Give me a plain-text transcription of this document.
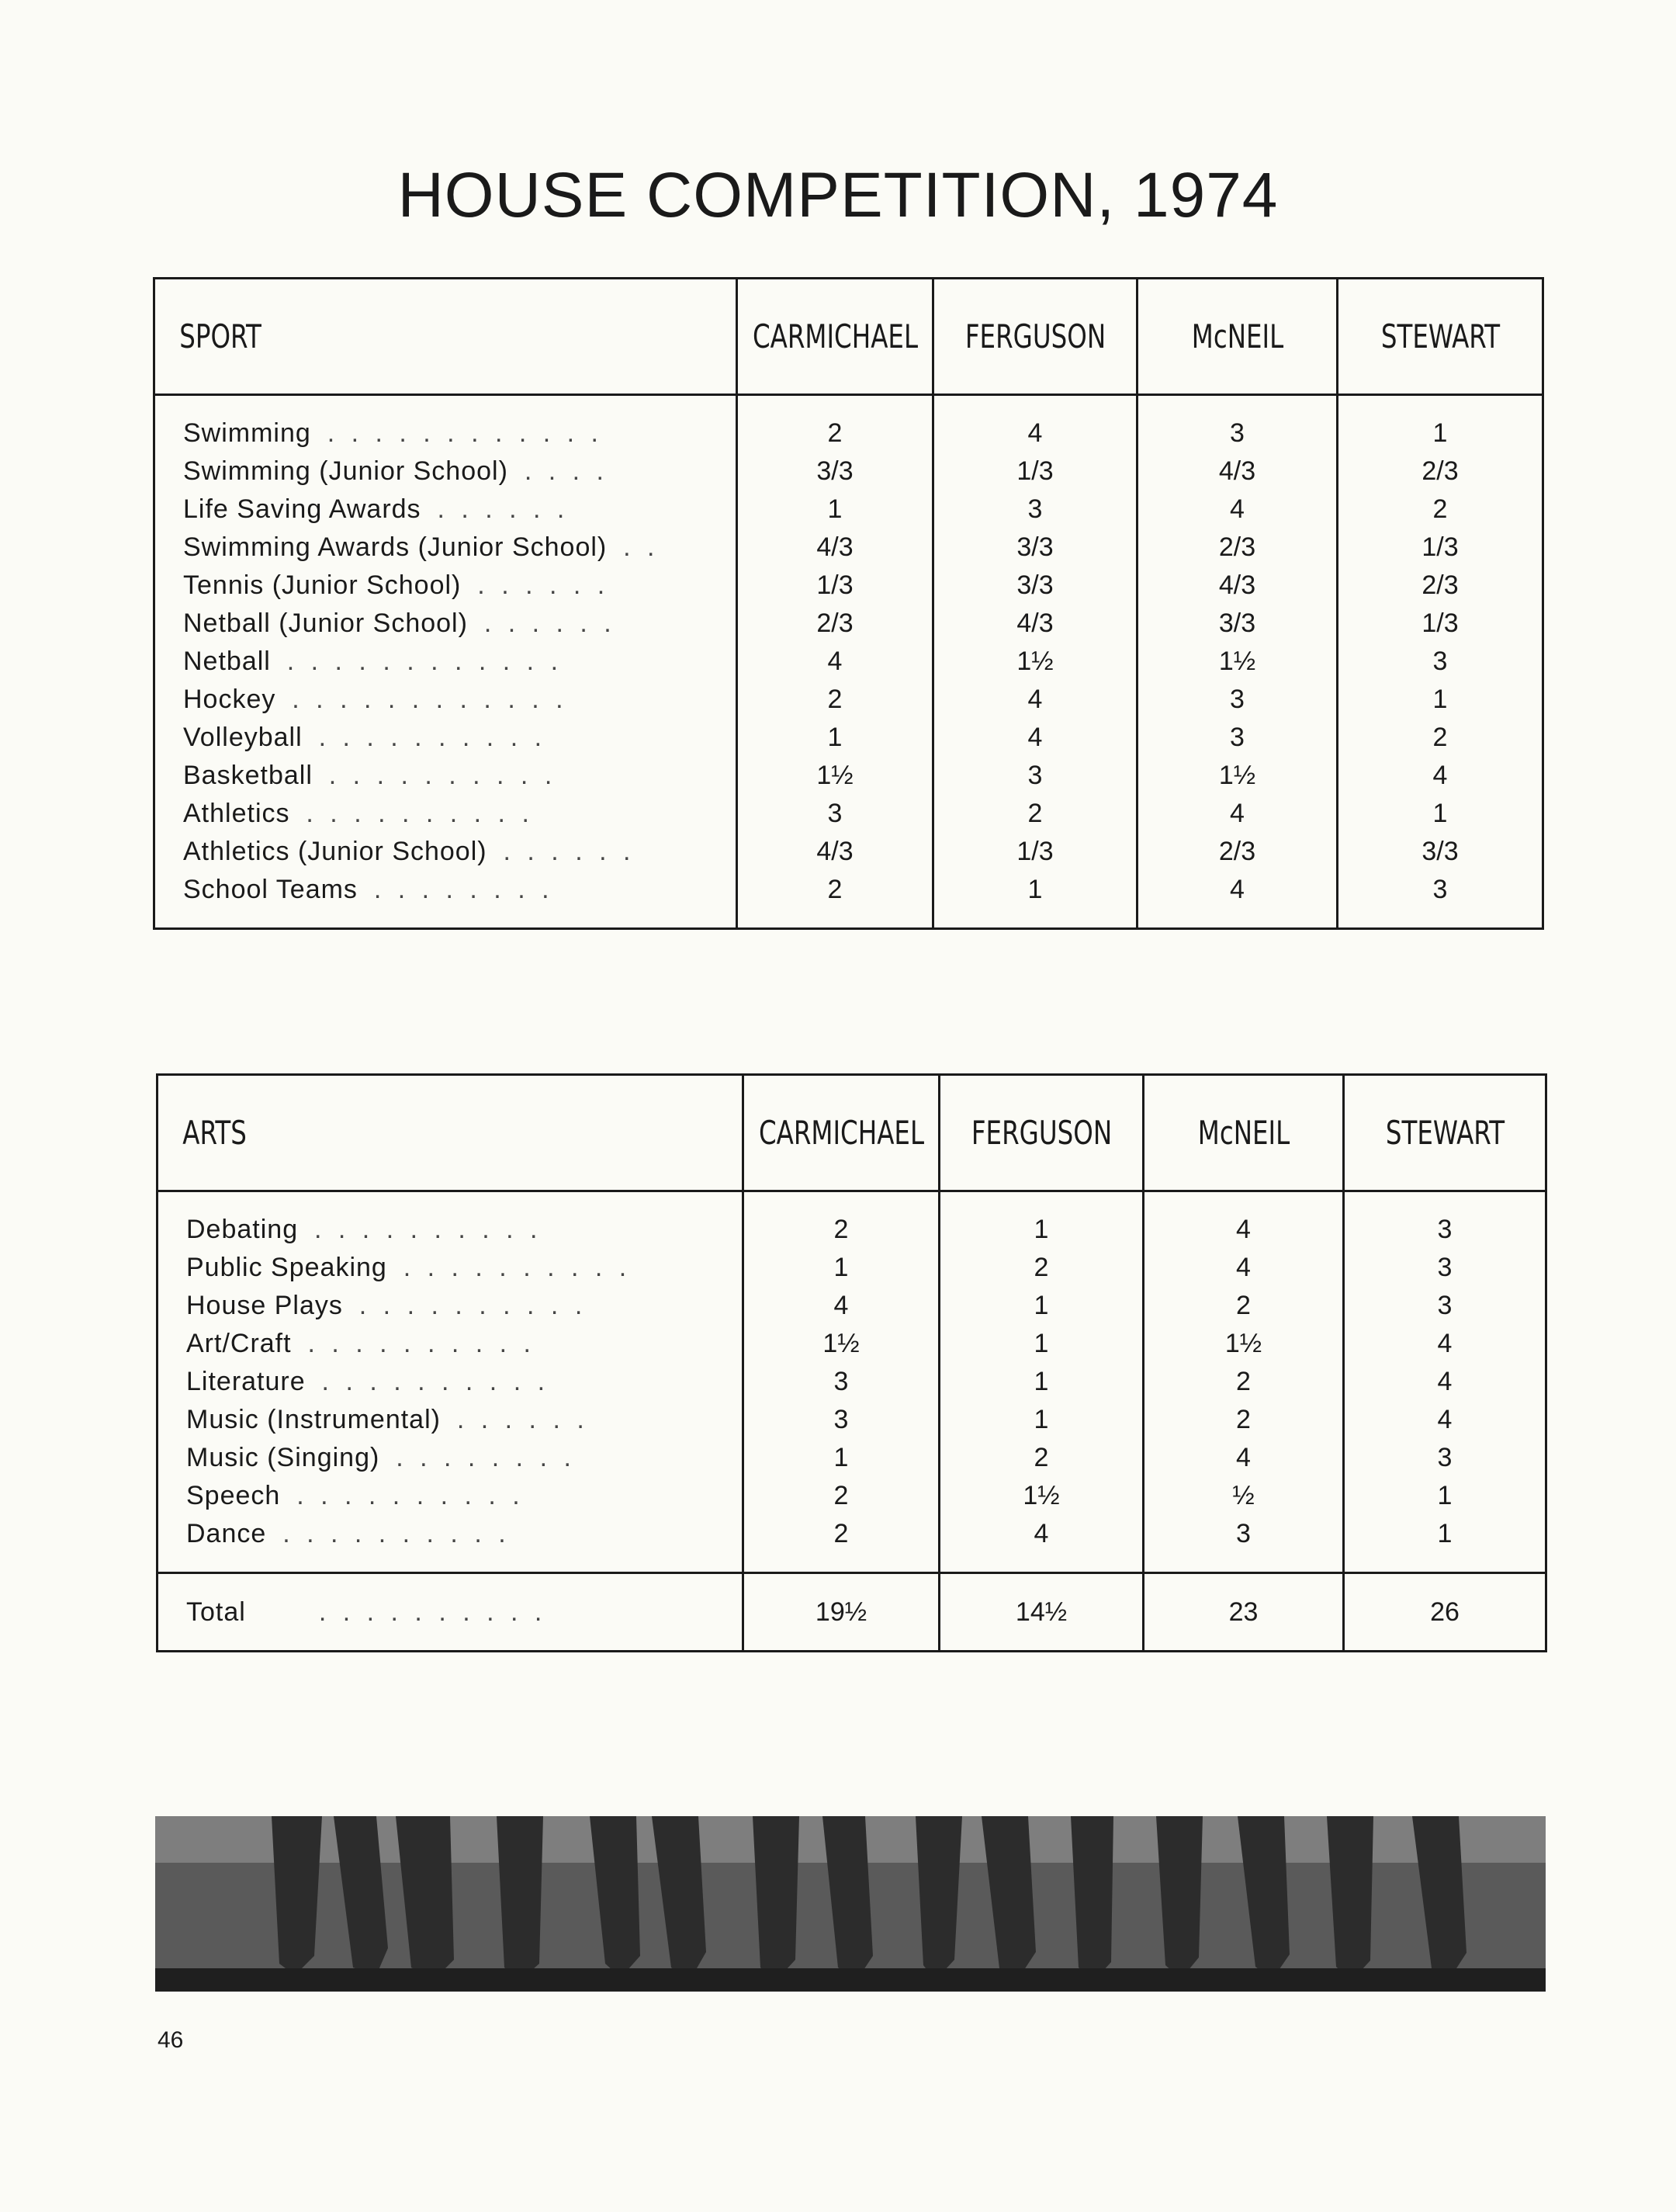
HOUSE COMPETITION, 1974
SPORT	CARMICHAEL	FERGUSON	McNEIL	STEWART
Swimming . . . . . . . . . . . .	2	4	3	1
Swimming (Junior School) . . . .	3/3	1/3	4/3	2/3
Life Saving Awards . . . . . .	1	3	4	2
Swimming Awards (Junior School) . .	4/3	3/3	2/3	1/3
Tennis (Junior School) . . . . . .	1/3	3/3	4/3	2/3
Netball (Junior School) . . . . . .	2/3	4/3	3/3	1/3
Netball . . . . . . . . . . . .	4	1½	1½	3
Hockey . . . . . . . . . . . .	2	4	3	1
Volleyball . . . . . . . . . .	1	4	3	2
Basketball . . . . . . . . . .	1½	3	1½	4
Athletics . . . . . . . . . .	3	2	4	1
Athletics (Junior School) . . . . . .	4/3	1/3	2/3	3/3
School Teams . . . . . . . .	2	1	4	3
ARTS	CARMICHAEL	FERGUSON	McNEIL	STEWART
Debating . . . . . . . . . .	2	1	4	3
Public Speaking . . . . . . . . . .	1	2	4	3
House Plays . . . . . . . . . .	4	1	2	3
Art/Craft . . . . . . . . . .	1½	1	1½	4
Literature . . . . . . . . . .	3	1	2	4
Music (Instrumental) . . . . . .	3	1	2	4
Music (Singing) . . . . . . . .	1	2	4	3
Speech . . . . . . . . . .	2	1½	½	1
Dance . . . . . . . . . .	2	4	3	1
Total . . . . . . . . . .	19½	14½	23	26
46
